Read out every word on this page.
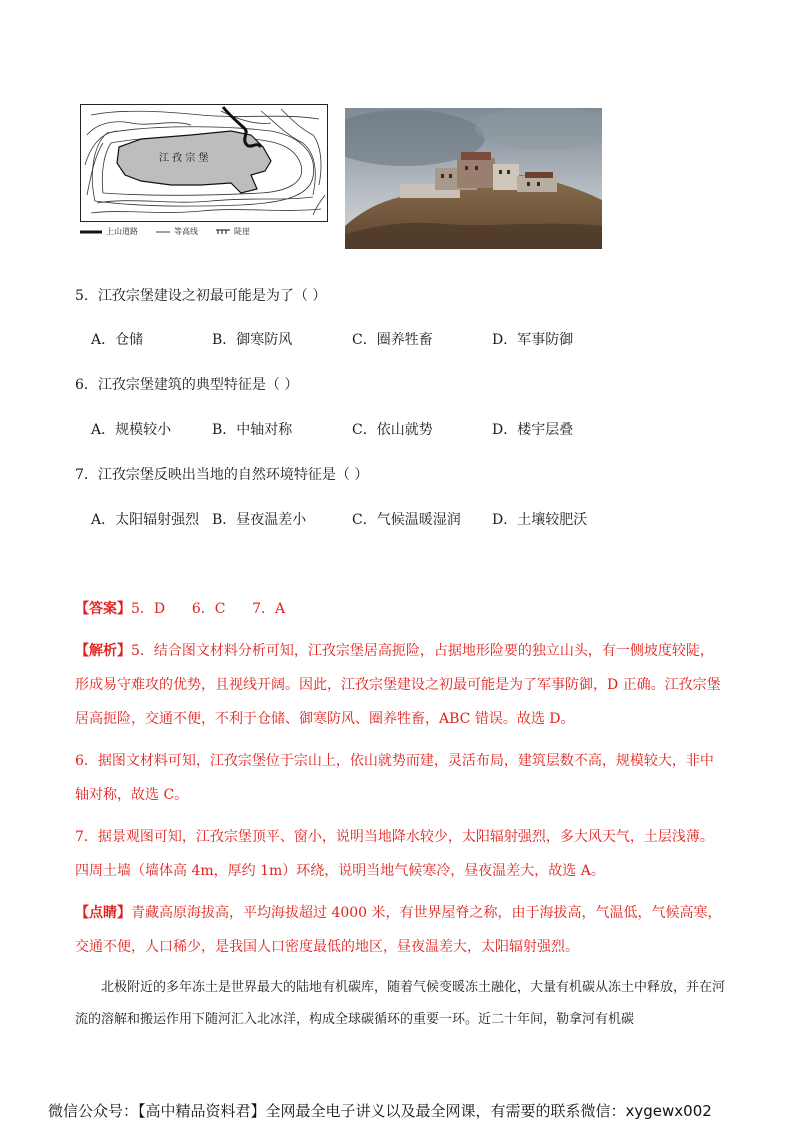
江 孜 宗 堡
上山道路	等高线	陡崖
5．江孜宗堡建设之初最可能是为了（ ）
A．仓储	B．御寒防风	C．圈养牲畜	D．军事防御
6．江孜宗堡建筑的典型特征是（ ）
A．规模较小	B．中轴对称	C．依山就势	D．楼宇层叠
7．江孜宗堡反映出当地的自然环境特征是（ ）
A．太阳辐射强烈 B．昼夜温差小	C．气候温暖湿润 D．土壤较肥沃
【答案】5．D      6．C      7．A
【解析】5．结合图文材料分析可知，江孜宗堡居高扼险，占据地形险要的独立山头，有一侧坡度较陡，形成易守难攻的优势，且视线开阔。因此，江孜宗堡建设之初最可能是为了军事防御，D 正确。江孜宗堡居高扼险，交通不便，不利于仓储、御寒防风、圈养牲畜，ABC 错误。故选 D。
6．据图文材料可知，江孜宗堡位于宗山上，依山就势而建，灵活布局，建筑层数不高，规模较大，非中轴对称，故选 C。
7．据景观图可知，江孜宗堡顶平、窗小，说明当地降水较少，太阳辐射强烈，多大风天气，土层浅薄。四周土墙（墙体高 4m，厚约 1m）环绕，说明当地气候寒冷，昼夜温差大，故选 A。
【点睛】青藏高原海拔高，平均海拔超过 4000 米，有世界屋脊之称，由于海拔高，气温低，气候高寒，交通不便，人口稀少，是我国人口密度最低的地区，昼夜温差大，太阳辐射强烈。
北极附近的多年冻土是世界最大的陆地有机碳库，随着气候变暖冻土融化，大量有机碳从冻土中释放，并在河流的溶解和搬运作用下随河汇入北冰洋，构成全球碳循环的重要一环。近二十年间，勒拿河有机碳
微信公众号：【高中精品资料君】全网最全电子讲义以及最全网课，有需要的联系微信：xygewx002
